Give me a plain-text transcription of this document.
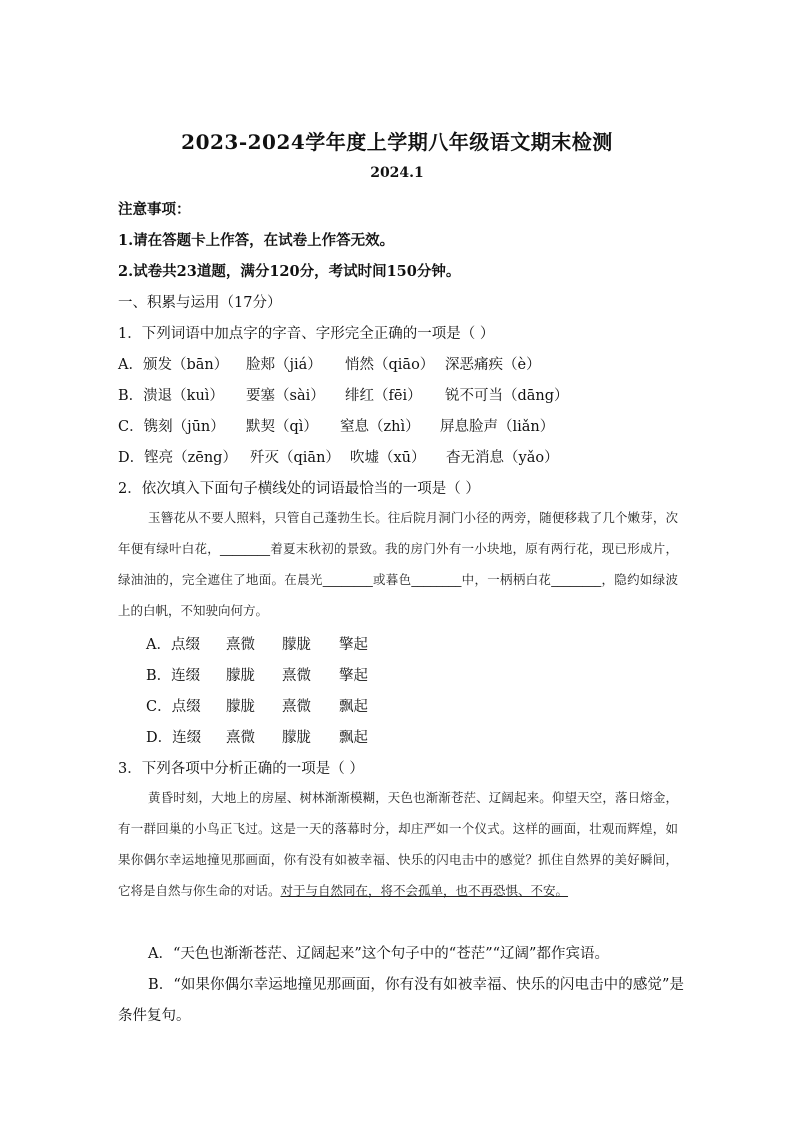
2023-2024学年度上学期八年级语文期末检测
2024.1
注意事项：
1.请在答题卡上作答，在试卷上作答无效。
2.试卷共23道题，满分120分，考试时间150分钟。
一、积累与运用（17分）
1．下列词语中加点字的字音、字形完全正确的一项是（ ）
A．颁发（bān） 脸郏（jiá） 悄然（qiāo） 深恶痛疾（è）
B．溃退（kuì） 要塞（sài） 绯红（fēi） 锐不可当（dāng）
C．镌刻（jūn） 默契（qì） 窒息（zhì） 屏息脸声（liǎn）
D．铿亮（zēng） 歼灭（qiān） 吹墟（xū） 杳无消息（yǎo）
2．依次填入下面句子横线处的词语最恰当的一项是（ ）
玉簪花从不要人照料，只管自己蓬勃生长。往后院月洞门小径的两旁，随便移栽了几个嫩芽，次年便有绿叶白花，________着夏末秋初的景致。我的房门外有一小块地，原有两行花，现已形成片，绿油油的，完全遮住了地面。在晨光________或暮色________中，一柄柄白花________，隐约如绿波上的白帆，不知驶向何方。
A．点缀 熹微 朦胧 擎起
B．连缀 朦胧 熹微 擎起
C．点缀 朦胧 熹微 飘起
D．连缀 熹微 朦胧 飘起
3．下列各项中分析正确的一项是（ ）
黄昏时刻，大地上的房屋、树林渐渐模糊，天色也渐渐苍茫、辽阔起来。仰望天空，落日熔金，有一群回巢的小鸟正飞过。这是一天的落幕时分，却庄严如一个仪式。这样的画面，壮观而辉煌，如果你偶尔幸运地撞见那画面，你有没有如被幸福、快乐的闪电击中的感觉？抓住自然界的美好瞬间，它将是自然与你生命的对话。对于与自然同在，将不会孤单，也不再恐惧、不安。
A．“天色也渐渐苍茫、辽阔起来”这个句子中的“苍茫”“辽阔”都作宾语。
B．“如果你偶尔幸运地撞见那画面，你有没有如被幸福、快乐的闪电击中的感觉”是条件复句。
